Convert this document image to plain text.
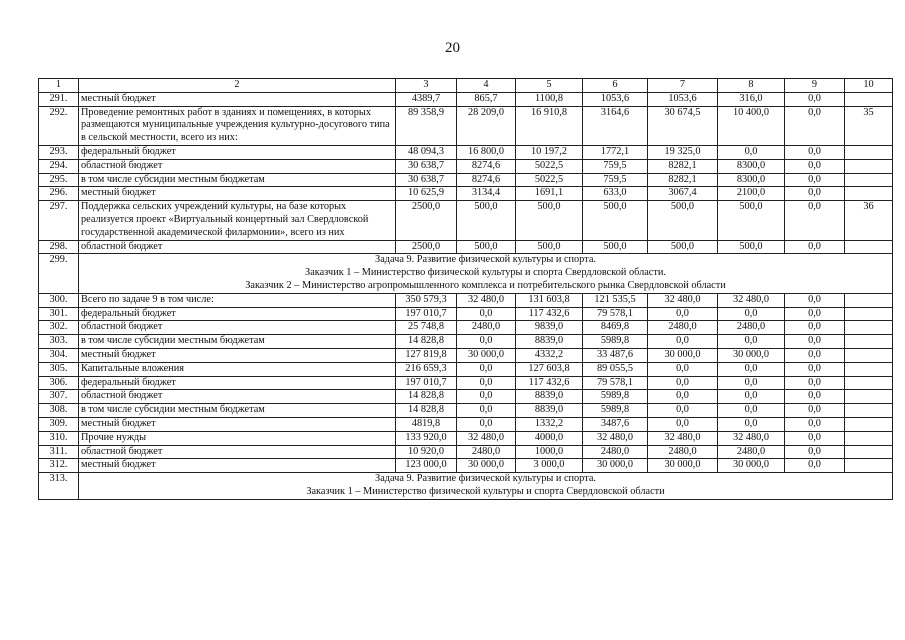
20
1	2	3	4	5	6	7	8	9	10
291.	местный бюджет	4389,7	865,7	1100,8	1053,6	1053,6	316,0	0,0	
292.	Проведение ремонтных работ в зданиях и помещениях, в которых размещаются муниципальные учреждения культурно-досугового типа в сельской местности, всего из них:	89 358,9	28 209,0	16 910,8	3164,6	30 674,5	10 400,0	0,0	35
293.	федеральный бюджет	48 094,3	16 800,0	10 197,2	1772,1	19 325,0	0,0	0,0	
294.	областной бюджет	30 638,7	8274,6	5022,5	759,5	8282,1	8300,0	0,0	
295.	в том числе субсидии местным бюджетам	30 638,7	8274,6	5022,5	759,5	8282,1	8300,0	0,0	
296.	местный бюджет	10 625,9	3134,4	1691,1	633,0	3067,4	2100,0	0,0	
297.	Поддержка сельских учреждений культуры, на базе которых реализуется проект «Виртуальный концертный зал Свердловской государственной академической филармонии», всего из них	2500,0	500,0	500,0	500,0	500,0	500,0	0,0	36
298.	областной бюджет	2500,0	500,0	500,0	500,0	500,0	500,0	0,0	
299.	Задача 9. Развитие физической культуры и спорта.
Заказчик 1 – Министерство физической культуры и спорта Свердловской области.
Заказчик 2 – Министерство агропромышленного комплекса и потребительского рынка Свердловской области								

300.	Всего по задаче 9 в том числе:	350 579,3	32 480,0	131 603,8	121 535,5	32 480,0	32 480,0	0,0	
301.	федеральный бюджет	197 010,7	0,0	117 432,6	79 578,1	0,0	0,0	0,0	
302.	областной бюджет	25 748,8	2480,0	9839,0	8469,8	2480,0	2480,0	0,0	
303.	в том числе субсидии местным бюджетам	14 828,8	0,0	8839,0	5989,8	0,0	0,0	0,0	
304.	местный бюджет	127 819,8	30 000,0	4332,2	33 487,6	30 000,0	30 000,0	0,0	
305.	Капитальные вложения	216 659,3	0,0	127 603,8	89 055,5	0,0	0,0	0,0	
306.	федеральный бюджет	197 010,7	0,0	117 432,6	79 578,1	0,0	0,0	0,0	
307.	областной бюджет	14 828,8	0,0	8839,0	5989,8	0,0	0,0	0,0	
308.	в том числе субсидии местным бюджетам	14 828,8	0,0	8839,0	5989,8	0,0	0,0	0,0	
309.	местный бюджет	4819,8	0,0	1332,2	3487,6	0,0	0,0	0,0	
310.	Прочие нужды	133 920,0	32 480,0	4000,0	32 480,0	32 480,0	32 480,0	0,0	
311.	областной бюджет	10 920,0	2480,0	1000,0	2480,0	2480,0	2480,0	0,0	
312.	местный бюджет	123 000,0	30 000,0	3 000,0	30 000,0	30 000,0	30 000,0	0,0	
313.	Задача 9. Развитие физической культуры и спорта.
Заказчик 1 – Министерство физической культуры и спорта Свердловской области								
